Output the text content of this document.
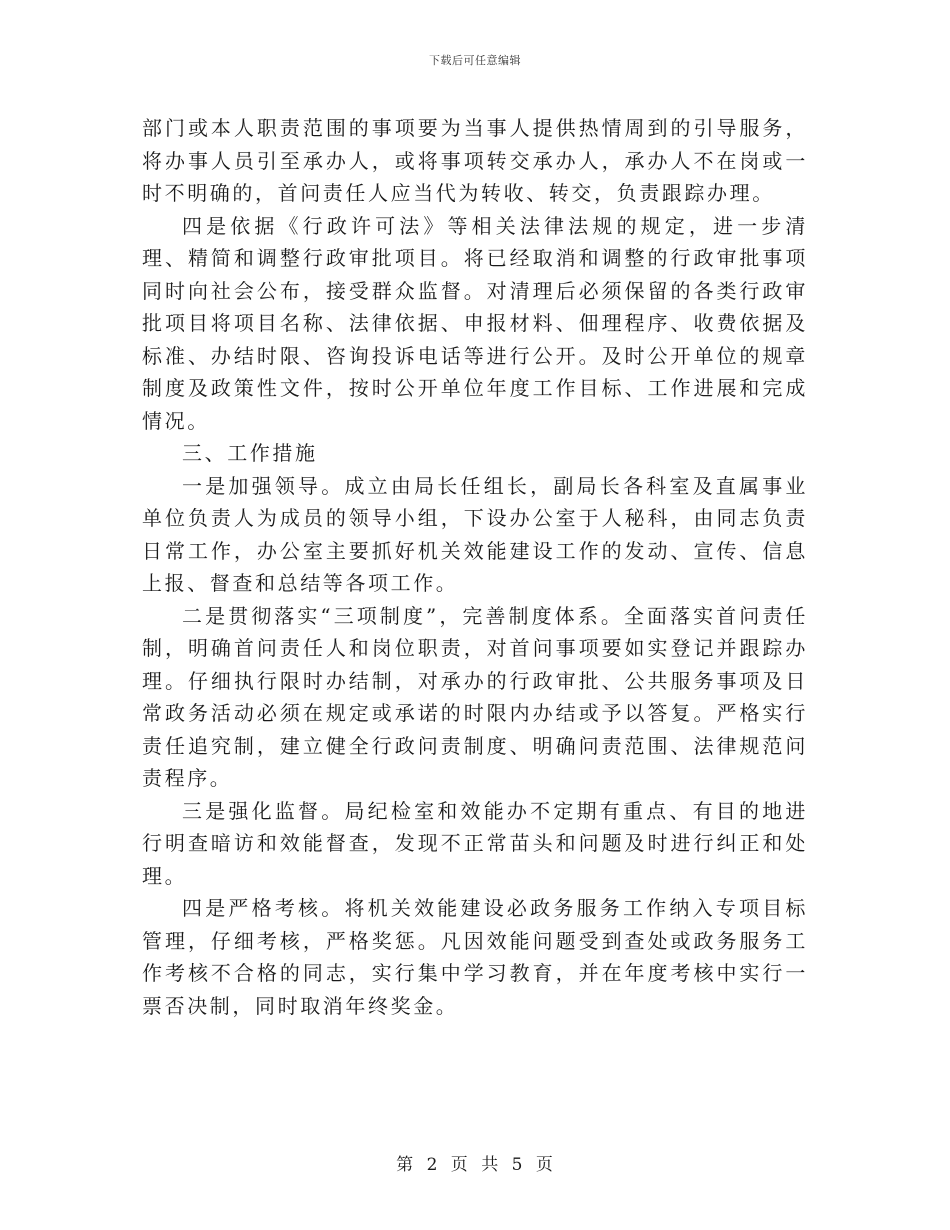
下载后可任意编辑

部门或本人职责范围的事项要为当事人提供热情周到的引导服务，将办事人员引至承办人，或将事项转交承办人，承办人不在岗或一时不明确的，首问责任人应当代为转收、转交，负责跟踪办理。

四是依据《行政许可法》等相关法律法规的规定，进一步清理、精简和调整行政审批项目。将已经取消和调整的行政审批事项同时向社会公布，接受群众监督。对清理后必须保留的各类行政审批项目将项目名称、法律依据、申报材料、佃理程序、收费依据及标准、办结时限、咨询投诉电话等进行公开。及时公开单位的规章制度及政策性文件，按时公开单位年度工作目标、工作进展和完成情况。

三、工作措施

一是加强领导。成立由局长任组长，副局长各科室及直属事业单位负责人为成员的领导小组，下设办公室于人秘科，由同志负责日常工作，办公室主要抓好机关效能建设工作的发动、宣传、信息上报、督查和总结等各项工作。

二是贯彻落实“三项制度”，完善制度体系。全面落实首问责任制，明确首问责任人和岗位职责，对首问事项要如实登记并跟踪办理。仔细执行限时办结制，对承办的行政审批、公共服务事项及日常政务活动必须在规定或承诺的时限内办结或予以答复。严格实行责任追究制，建立健全行政问责制度、明确问责范围、法律规范问责程序。

三是强化监督。局纪检室和效能办不定期有重点、有目的地进行明查暗访和效能督查，发现不正常苗头和问题及时进行纠正和处理。

四是严格考核。将机关效能建设必政务服务工作纳入专项目标管理，仔细考核，严格奖惩。凡因效能问题受到查处或政务服务工作考核不合格的同志，实行集中学习教育，并在年度考核中实行一票否决制，同时取消年终奖金。

第 2 页 共 5 页
